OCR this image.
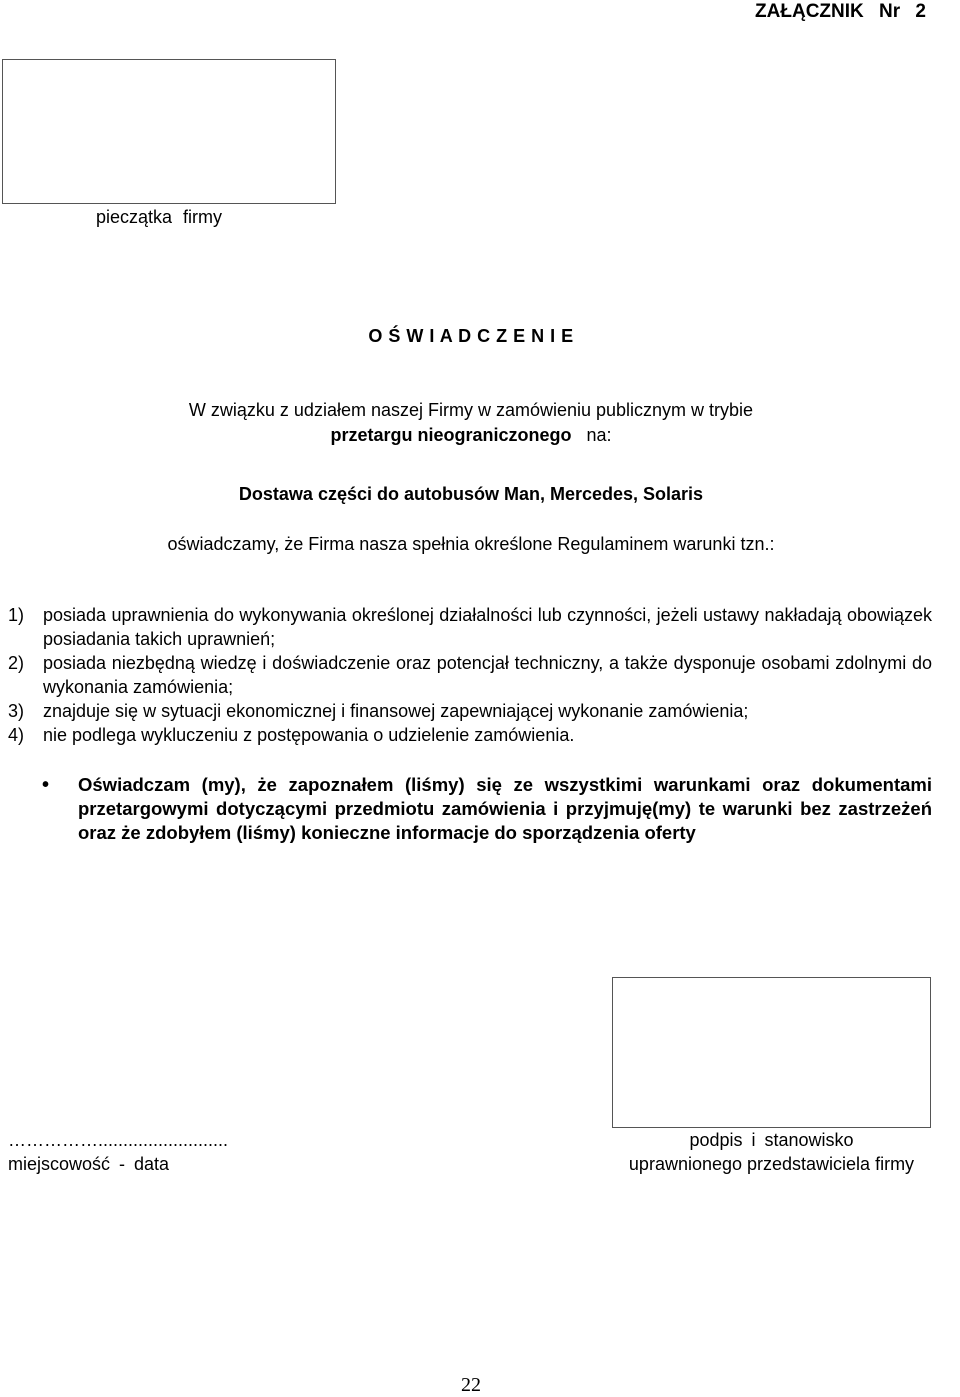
ZAŁĄCZNIK Nr 2
pieczątka firmy
O Ś W I A D C Z E N I E
W związku z udziałem naszej Firmy w zamówieniu publicznym w trybie
przetargu nieograniczonego   na:
Dostawa części do autobusów Man, Mercedes, Solaris
oświadczamy, że Firma nasza spełnia określone Regulaminem warunki tzn.:
1)	posiada uprawnienia do wykonywania określonej działalności lub czynności, jeżeli ustawy nakładają obowiązek posiadania takich uprawnień;
2)	posiada niezbędną wiedzę i doświadczenie oraz potencjał techniczny, a także dysponuje osobami zdolnymi do wykonania zamówienia;
3)	znajduje się w sytuacji ekonomicznej i finansowej zapewniającej wykonanie zamówienia;
4)	nie podlega wykluczeniu z postępowania o udzielenie zamówienia.
•	Oświadczam (my), że zapoznałem (liśmy) się ze wszystkimi warunkami oraz dokumentami przetargowymi dotyczącymi przedmiotu zamówienia i przyjmuję(my) te warunki bez zastrzeżeń oraz że zdobyłem (liśmy) konieczne informacje do sporządzenia oferty
……………..........................
miejscowość - data
podpis i stanowisko
uprawnionego przedstawiciela firmy
22
